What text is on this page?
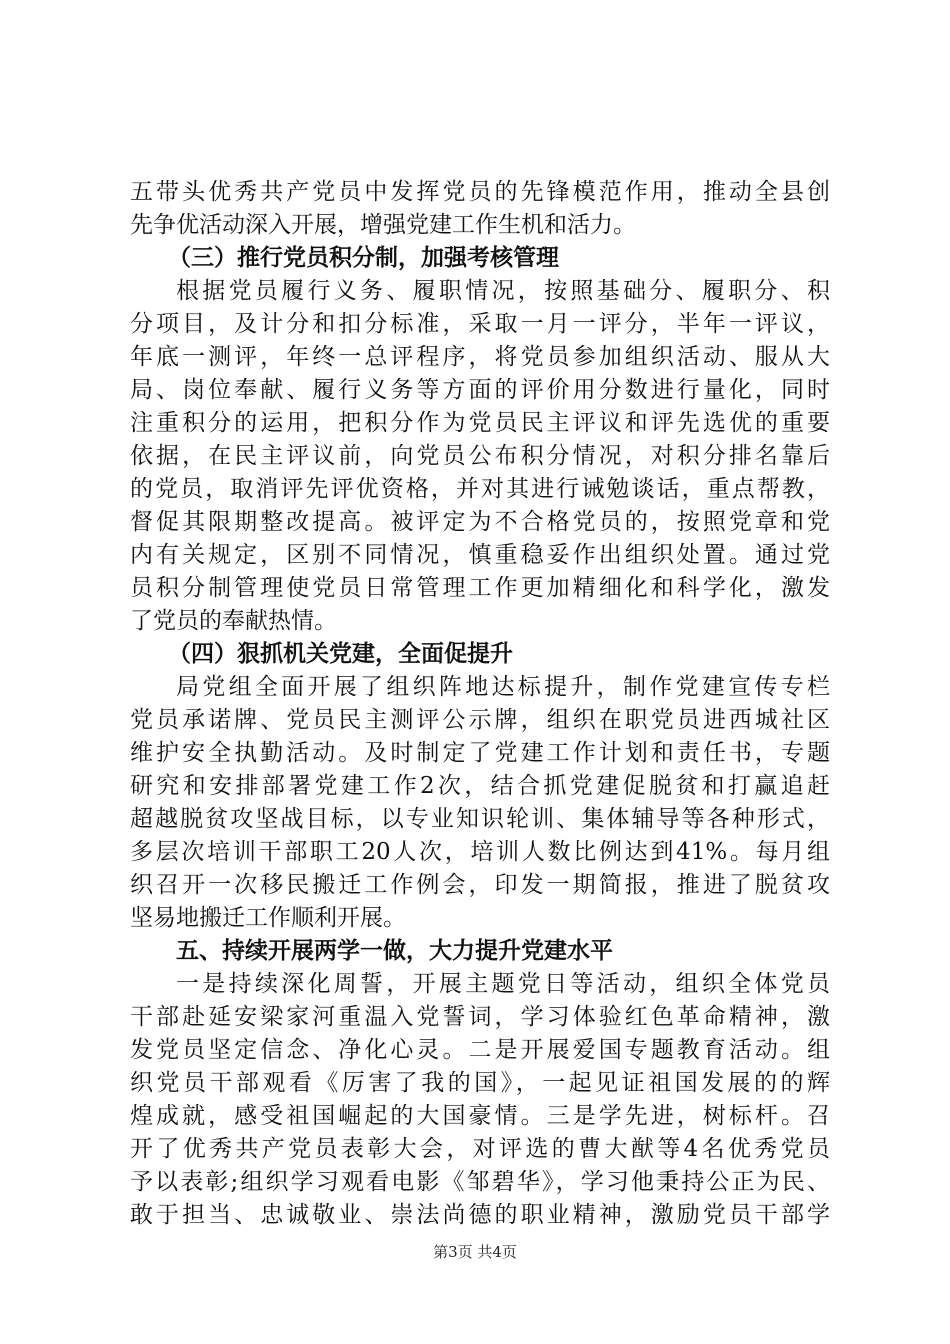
五带头优秀共产党员中发挥党员的先锋模范作用，推动全县创
先争优活动深入开展，增强党建工作生机和活力。
（三）推行党员积分制，加强考核管理
根据党员履行义务、履职情况，按照基础分、履职分、积
分项目，及计分和扣分标准，采取一月一评分，半年一评议，
年底一测评，年终一总评程序，将党员参加组织活动、服从大
局、岗位奉献、履行义务等方面的评价用分数进行量化，同时
注重积分的运用，把积分作为党员民主评议和评先选优的重要
依据，在民主评议前，向党员公布积分情况，对积分排名靠后
的党员，取消评先评优资格，并对其进行诫勉谈话，重点帮教，
督促其限期整改提高。被评定为不合格党员的，按照党章和党
内有关规定，区别不同情况，慎重稳妥作出组织处置。通过党
员积分制管理使党员日常管理工作更加精细化和科学化，激发
了党员的奉献热情。
（四）狠抓机关党建，全面促提升
局党组全面开展了组织阵地达标提升，制作党建宣传专栏
党员承诺牌、党员民主测评公示牌，组织在职党员进西城社区
维护安全执勤活动。及时制定了党建工作计划和责任书，专题
研究和安排部署党建工作2次，结合抓党建促脱贫和打赢追赶
超越脱贫攻坚战目标，以专业知识轮训、集体辅导等各种形式，
多层次培训干部职工20人次，培训人数比例达到41%。每月组
织召开一次移民搬迁工作例会，印发一期简报，推进了脱贫攻
坚易地搬迁工作顺利开展。
五、持续开展两学一做，大力提升党建水平
一是持续深化周誓，开展主题党日等活动，组织全体党员
干部赴延安梁家河重温入党誓词，学习体验红色革命精神，激
发党员坚定信念、净化心灵。二是开展爱国专题教育活动。组
织党员干部观看《厉害了我的国》，一起见证祖国发展的的辉
煌成就，感受祖国崛起的大国豪情。三是学先进，树标杆。召
开了优秀共产党员表彰大会，对评选的曹大猷等4名优秀党员
予以表彰;组织学习观看电影《邹碧华》，学习他秉持公正为民、
敢于担当、忠诚敬业、崇法尚德的职业精神，激励党员干部学
第3页 共4页
